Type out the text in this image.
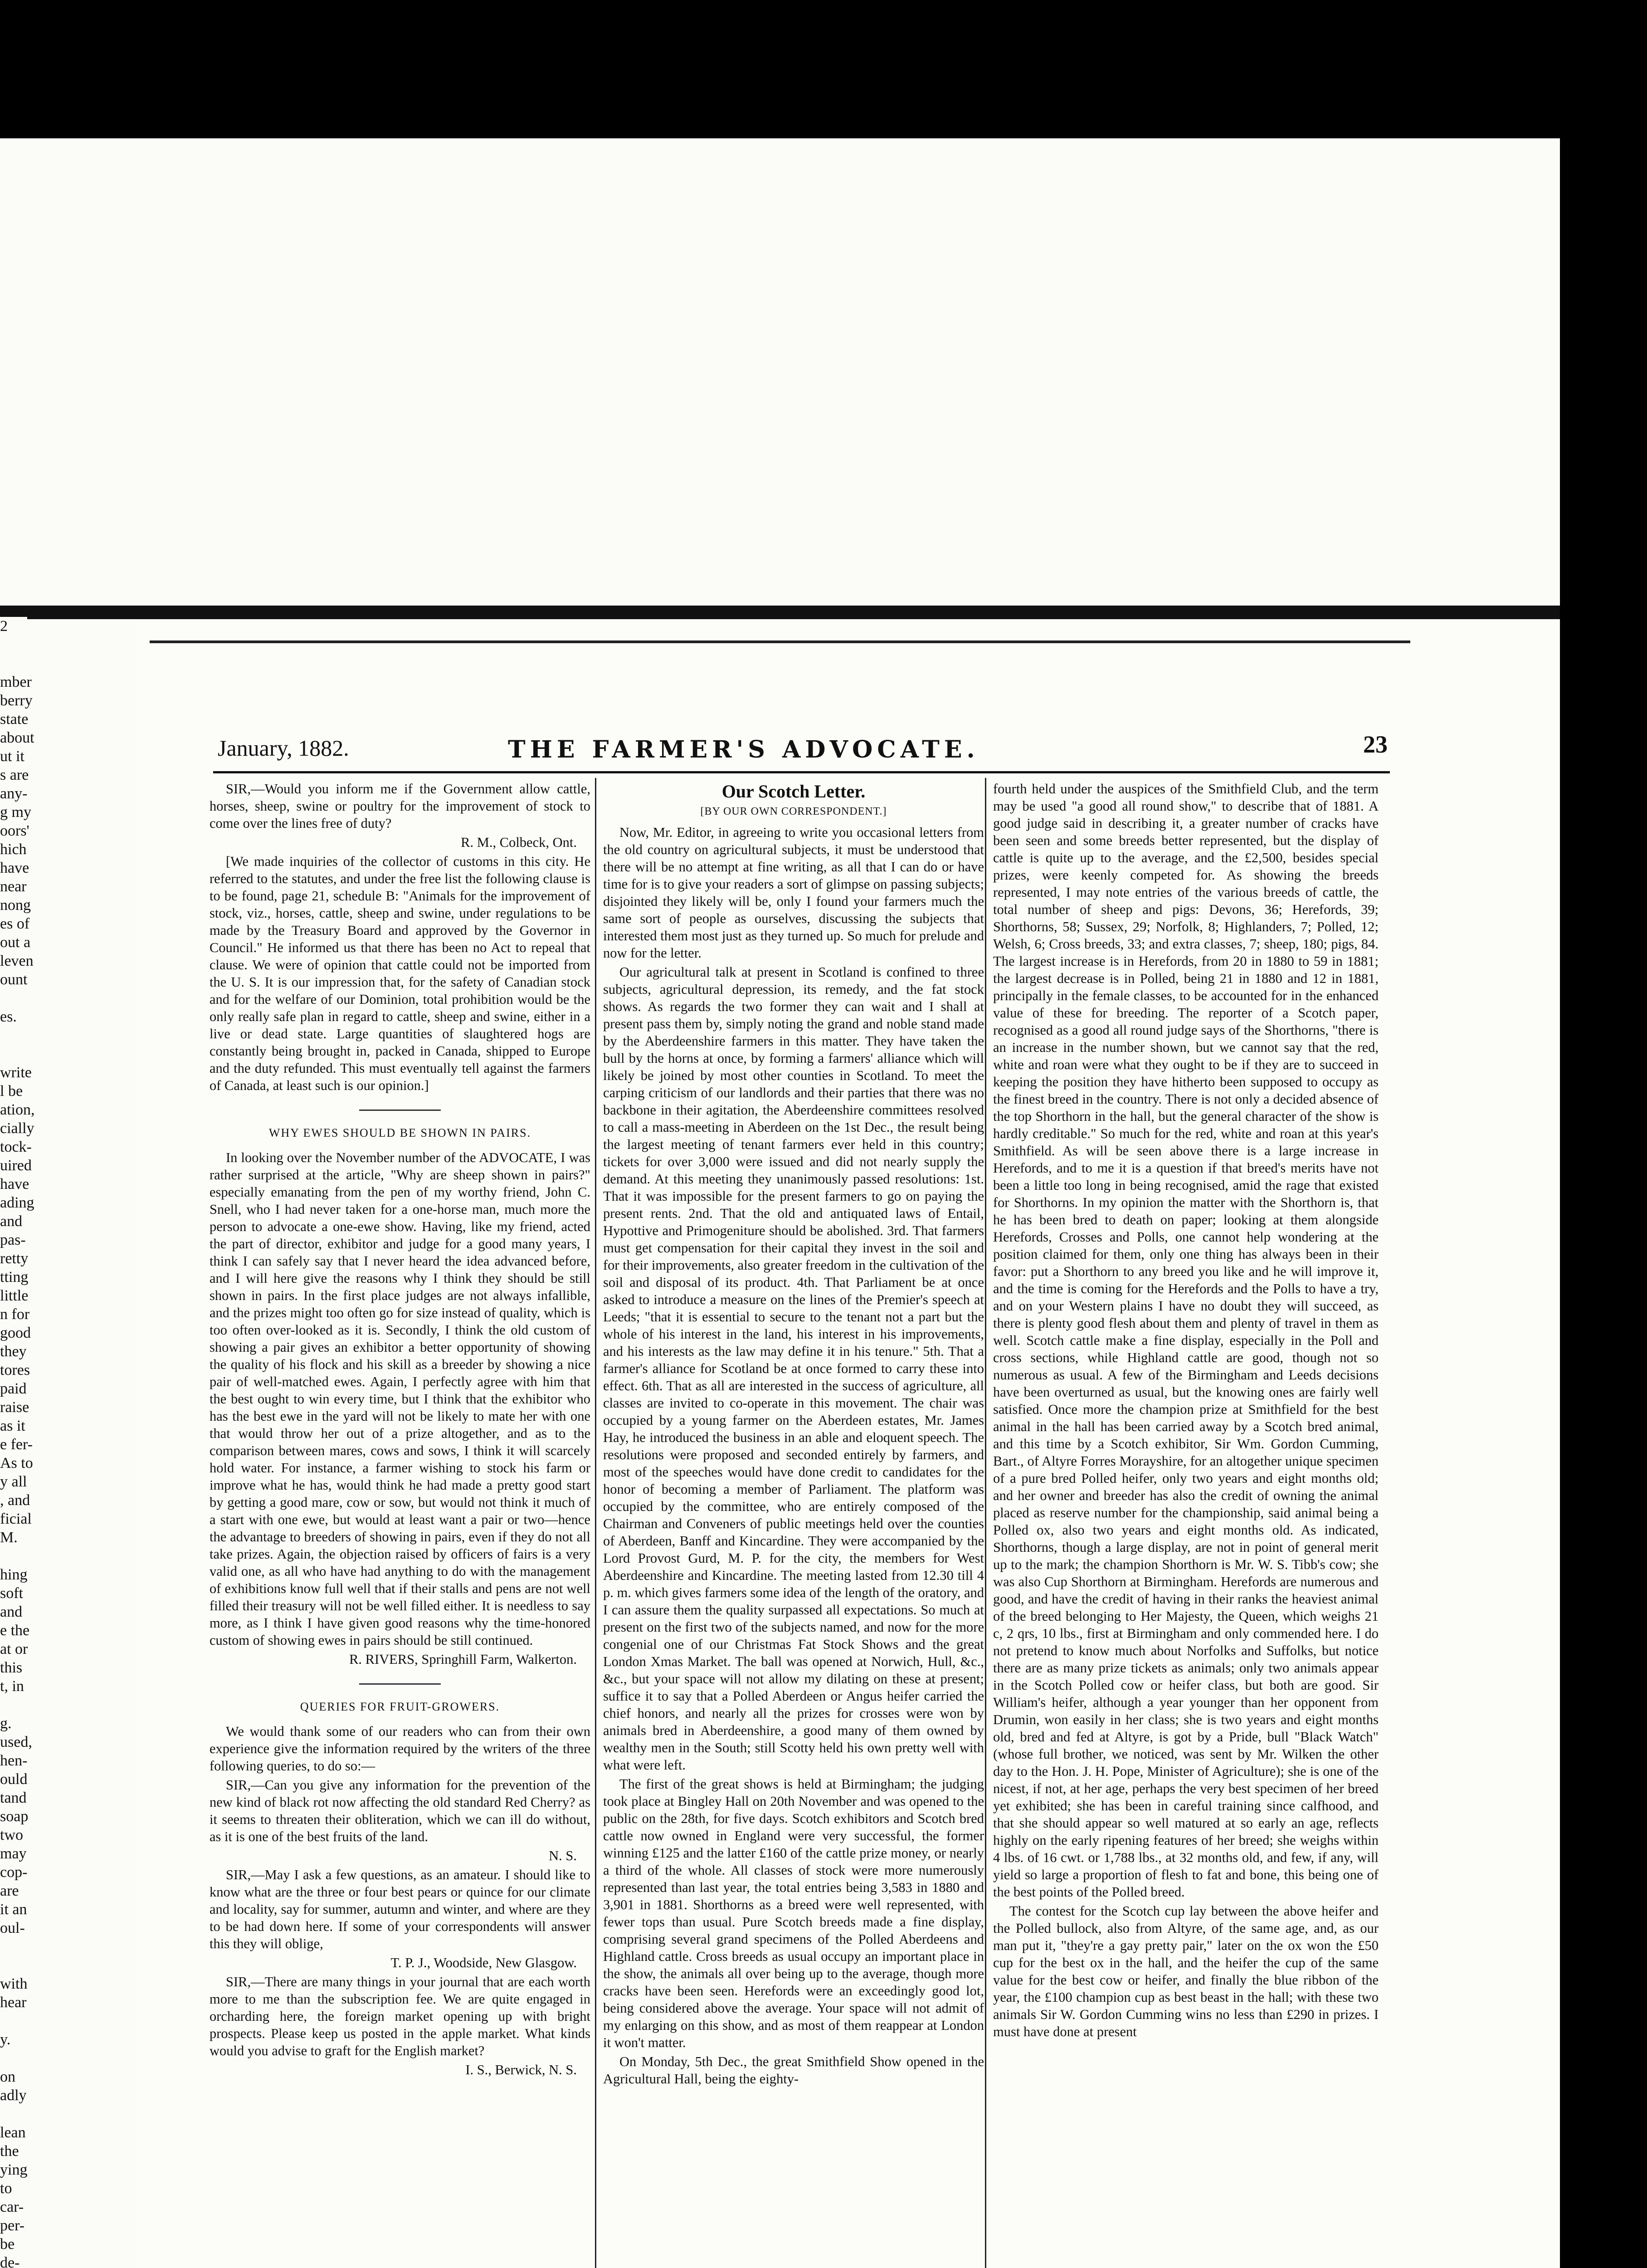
2
mber
berry
state
about
ut it
s are
any-
g my
oors'
hich
have
near
nong
es of
out a
leven
ount
es.
write
l be
ation,
cially
tock-
uired
have
ading
and
pas-
retty
tting
little
n for
good
they
tores
paid
raise
as it
e fer-
As to
y all
, and
ficial
M.
hing
soft
and
e the
at or
this
t, in
g.
used,
hen-
ould
tand
soap
two
may
cop-
are
it an
oul-
with
hear
y.
on
adly
lean
the
ying
to
car-
per-
be
de-
January, 1882.	THE FARMER'S ADVOCATE.	23

SIR,—Would you inform me if the Government allow cattle, horses, sheep, swine or poultry for the improvement of stock to come over the lines free of duty?

R. M., Colbeck, Ont.

[We made inquiries of the collector of customs in this city. He referred to the statutes, and under the free list the following clause is to be found, page 21, schedule B: "Animals for the improvement of stock, viz., horses, cattle, sheep and swine, under regulations to be made by the Treasury Board and approved by the Governor in Council." He informed us that there has been no Act to repeal that clause. We were of opinion that cattle could not be imported from the U. S. It is our impression that, for the safety of Canadian stock and for the welfare of our Dominion, total prohibition would be the only really safe plan in regard to cattle, sheep and swine, either in a live or dead state. Large quantities of slaughtered hogs are constantly being brought in, packed in Canada, shipped to Europe and the duty refunded. This must eventually tell against the farmers of Canada, at least such is our opinion.]

WHY EWES SHOULD BE SHOWN IN PAIRS.

In looking over the November number of the ADVOCATE, I was rather surprised at the article, "Why are sheep shown in pairs?" especially emanating from the pen of my worthy friend, John C. Snell, who I had never taken for a one-horse man, much more the person to advocate a one-ewe show. Having, like my friend, acted the part of director, exhibitor and judge for a good many years, I think I can safely say that I never heard the idea advanced before, and I will here give the reasons why I think they should be still shown in pairs. In the first place judges are not always infallible, and the prizes might too often go for size instead of quality, which is too often over-looked as it is. Secondly, I think the old custom of showing a pair gives an exhibitor a better opportunity of showing the quality of his flock and his skill as a breeder by showing a nice pair of well-matched ewes. Again, I perfectly agree with him that the best ought to win every time, but I think that the exhibitor who has the best ewe in the yard will not be likely to mate her with one that would throw her out of a prize altogether, and as to the comparison between mares, cows and sows, I think it will scarcely hold water. For instance, a farmer wishing to stock his farm or improve what he has, would think he had made a pretty good start by getting a good mare, cow or sow, but would not think it much of a start with one ewe, but would at least want a pair or two—hence the advantage to breeders of showing in pairs, even if they do not all take prizes. Again, the objection raised by officers of fairs is a very valid one, as all who have had anything to do with the management of exhibitions know full well that if their stalls and pens are not well filled their treasury will not be well filled either. It is needless to say more, as I think I have given good reasons why the time-honored custom of showing ewes in pairs should be still continued.

R. RIVERS, Springhill Farm, Walkerton.

QUERIES FOR FRUIT-GROWERS.

We would thank some of our readers who can from their own experience give the information required by the writers of the three following queries, to do so:—

SIR,—Can you give any information for the prevention of the new kind of black rot now affecting the old standard Red Cherry? as it seems to threaten their obliteration, which we can ill do without, as it is one of the best fruits of the land.

N. S.

SIR,—May I ask a few questions, as an amateur. I should like to know what are the three or four best pears or quince for our climate and locality, say for summer, autumn and winter, and where are they to be had down here. If some of your correspondents will answer this they will oblige,

T. P. J., Woodside, New Glasgow.

SIR,—There are many things in your journal that are each worth more to me than the subscription fee. We are quite engaged in orcharding here, the foreign market opening up with bright prospects. Please keep us posted in the apple market. What kinds would you advise to graft for the English market?

I. S., Berwick, N. S.

Our Scotch Letter.

[BY OUR OWN CORRESPONDENT.]

Now, Mr. Editor, in agreeing to write you occasional letters from the old country on agricultural subjects, it must be understood that there will be no attempt at fine writing, as all that I can do or have time for is to give your readers a sort of glimpse on passing subjects; disjointed they likely will be, only I found your farmers much the same sort of people as ourselves, discussing the subjects that interested them most just as they turned up. So much for prelude and now for the letter.

Our agricultural talk at present in Scotland is confined to three subjects, agricultural depression, its remedy, and the fat stock shows. As regards the two former they can wait and I shall at present pass them by, simply noting the grand and noble stand made by the Aberdeenshire farmers in this matter. They have taken the bull by the horns at once, by forming a farmers' alliance which will likely be joined by most other counties in Scotland. To meet the carping criticism of our landlords and their parties that there was no backbone in their agitation, the Aberdeenshire committees resolved to call a mass-meeting in Aberdeen on the 1st Dec., the result being the largest meeting of tenant farmers ever held in this country; tickets for over 3,000 were issued and did not nearly supply the demand. At this meeting they unanimously passed resolutions: 1st. That it was impossible for the present farmers to go on paying the present rents. 2nd. That the old and antiquated laws of Entail, Hypottive and Primogeniture should be abolished. 3rd. That farmers must get compensation for their capital they invest in the soil and for their improvements, also greater freedom in the cultivation of the soil and disposal of its product. 4th. That Parliament be at once asked to introduce a measure on the lines of the Premier's speech at Leeds; "that it is essential to secure to the tenant not a part but the whole of his interest in the land, his interest in his improvements, and his interests as the law may define it in his tenure." 5th. That a farmer's alliance for Scotland be at once formed to carry these into effect. 6th. That as all are interested in the success of agriculture, all classes are invited to co-operate in this movement. The chair was occupied by a young farmer on the Aberdeen estates, Mr. James Hay, he introduced the business in an able and eloquent speech. The resolutions were proposed and seconded entirely by farmers, and most of the speeches would have done credit to candidates for the honor of becoming a member of Parliament. The platform was occupied by the committee, who are entirely composed of the Chairman and Conveners of public meetings held over the counties of Aberdeen, Banff and Kincardine. They were accompanied by the Lord Provost Gurd, M. P. for the city, the members for West Aberdeenshire and Kincardine. The meeting lasted from 12.30 till 4 p. m. which gives farmers some idea of the length of the oratory, and I can assure them the quality surpassed all expectations. So much at present on the first two of the subjects named, and now for the more congenial one of our Christmas Fat Stock Shows and the great London Xmas Market. The ball was opened at Norwich, Hull, &c., &c., but your space will not allow my dilating on these at present; suffice it to say that a Polled Aberdeen or Angus heifer carried the chief honors, and nearly all the prizes for crosses were won by animals bred in Aberdeenshire, a good many of them owned by wealthy men in the South; still Scotty held his own pretty well with what were left.

The first of the great shows is held at Birmingham; the judging took place at Bingley Hall on 20th November and was opened to the public on the 28th, for five days. Scotch exhibitors and Scotch bred cattle now owned in England were very successful, the former winning £125 and the latter £160 of the cattle prize money, or nearly a third of the whole. All classes of stock were more numerously represented than last year, the total entries being 3,583 in 1880 and 3,901 in 1881. Shorthorns as a breed were well represented, with fewer tops than usual. Pure Scotch breeds made a fine display, comprising several grand specimens of the Polled Aberdeens and Highland cattle. Cross breeds as usual occupy an important place in the show, the animals all over being up to the average, though more cracks have been seen. Herefords were an exceedingly good lot, being considered above the average. Your space will not admit of my enlarging on this show, and as most of them reappear at London it won't matter.

On Monday, 5th Dec., the great Smithfield Show opened in the Agricultural Hall, being the eighty-

fourth held under the auspices of the Smithfield Club, and the term may be used "a good all round show," to describe that of 1881. A good judge said in describing it, a greater number of cracks have been seen and some breeds better represented, but the display of cattle is quite up to the average, and the £2,500, besides special prizes, were keenly competed for. As showing the breeds represented, I may note entries of the various breeds of cattle, the total number of sheep and pigs: Devons, 36; Herefords, 39; Shorthorns, 58; Sussex, 29; Norfolk, 8; Highlanders, 7; Polled, 12; Welsh, 6; Cross breeds, 33; and extra classes, 7; sheep, 180; pigs, 84. The largest increase is in Herefords, from 20 in 1880 to 59 in 1881; the largest decrease is in Polled, being 21 in 1880 and 12 in 1881, principally in the female classes, to be accounted for in the enhanced value of these for breeding. The reporter of a Scotch paper, recognised as a good all round judge says of the Shorthorns, "there is an increase in the number shown, but we cannot say that the red, white and roan were what they ought to be if they are to succeed in keeping the position they have hitherto been supposed to occupy as the finest breed in the country. There is not only a decided absence of the top Shorthorn in the hall, but the general character of the show is hardly creditable." So much for the red, white and roan at this year's Smithfield. As will be seen above there is a large increase in Herefords, and to me it is a question if that breed's merits have not been a little too long in being recognised, amid the rage that existed for Shorthorns. In my opinion the matter with the Shorthorn is, that he has been bred to death on paper; looking at them alongside Herefords, Crosses and Polls, one cannot help wondering at the position claimed for them, only one thing has always been in their favor: put a Shorthorn to any breed you like and he will improve it, and the time is coming for the Herefords and the Polls to have a try, and on your Western plains I have no doubt they will succeed, as there is plenty good flesh about them and plenty of travel in them as well. Scotch cattle make a fine display, especially in the Poll and cross sections, while Highland cattle are good, though not so numerous as usual. A few of the Birmingham and Leeds decisions have been overturned as usual, but the knowing ones are fairly well satisfied. Once more the champion prize at Smithfield for the best animal in the hall has been carried away by a Scotch bred animal, and this time by a Scotch exhibitor, Sir Wm. Gordon Cumming, Bart., of Altyre Forres Morayshire, for an altogether unique specimen of a pure bred Polled heifer, only two years and eight months old; and her owner and breeder has also the credit of owning the animal placed as reserve number for the championship, said animal being a Polled ox, also two years and eight months old. As indicated, Shorthorns, though a large display, are not in point of general merit up to the mark; the champion Shorthorn is Mr. W. S. Tibb's cow; she was also Cup Shorthorn at Birmingham. Herefords are numerous and good, and have the credit of having in their ranks the heaviest animal of the breed belonging to Her Majesty, the Queen, which weighs 21 c, 2 qrs, 10 lbs., first at Birmingham and only commended here. I do not pretend to know much about Norfolks and Suffolks, but notice there are as many prize tickets as animals; only two animals appear in the Scotch Polled cow or heifer class, but both are good. Sir William's heifer, although a year younger than her opponent from Drumin, won easily in her class; she is two years and eight months old, bred and fed at Altyre, is got by a Pride, bull "Black Watch" (whose full brother, we noticed, was sent by Mr. Wilken the other day to the Hon. J. H. Pope, Minister of Agriculture); she is one of the nicest, if not, at her age, perhaps the very best specimen of her breed yet exhibited; she has been in careful training since calfhood, and that she should appear so well matured at so early an age, reflects highly on the early ripening features of her breed; she weighs within 4 lbs. of 16 cwt. or 1,788 lbs., at 32 months old, and few, if any, will yield so large a proportion of flesh to fat and bone, this being one of the best points of the Polled breed.

The contest for the Scotch cup lay between the above heifer and the Polled bullock, also from Altyre, of the same age, and, as our man put it, "they're a gay pretty pair," later on the ox won the £50 cup for the best ox in the hall, and the heifer the cup of the same value for the best cow or heifer, and finally the blue ribbon of the year, the £100 champion cup as best beast in the hall; with these two animals Sir W. Gordon Cumming wins no less than £290 in prizes. I must have done at present
